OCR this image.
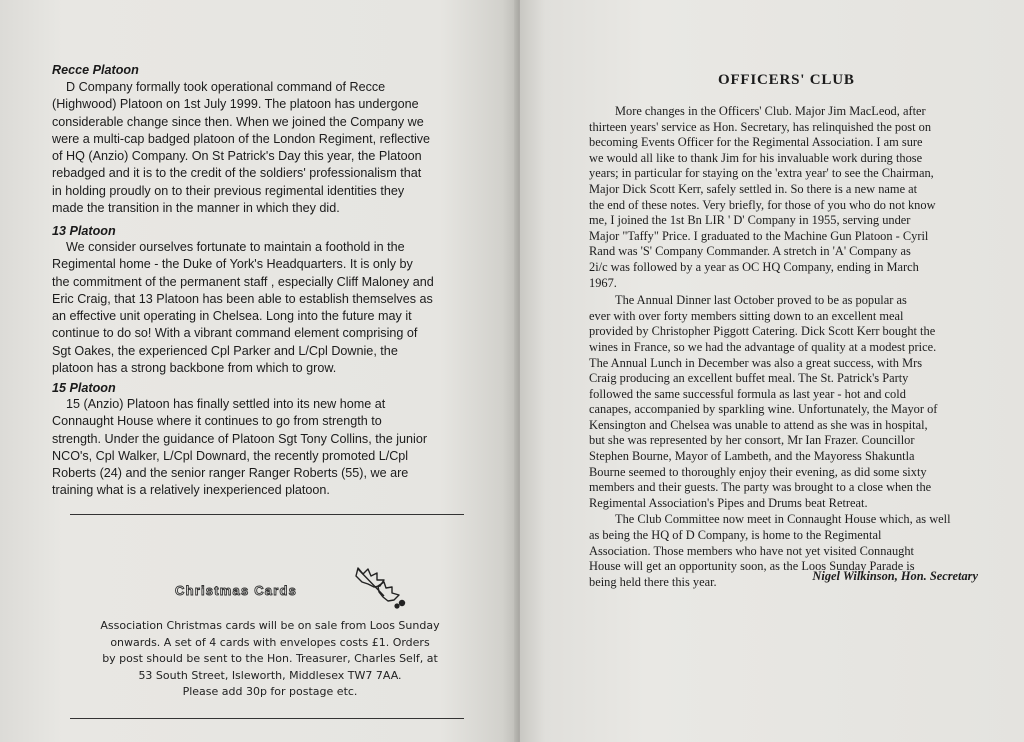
Recce Platoon
D Company formally took operational command of Recce
(Highwood) Platoon on 1st July 1999. The platoon has undergone
considerable change since then. When we joined the Company we
were a multi-cap badged platoon of the London Regiment, reflective
of HQ (Anzio) Company. On St Patrick's Day this year, the Platoon
rebadged and it is to the credit of the soldiers' professionalism that
in holding proudly on to their previous regimental identities they
made the transition in the manner in which they did.
13 Platoon
We consider ourselves fortunate to maintain a foothold in the
Regimental home - the Duke of York's Headquarters. It is only by
the commitment of the permanent staff , especially Cliff Maloney and
Eric Craig, that 13 Platoon has been able to establish themselves as
an effective unit operating in Chelsea. Long into the future may it
continue to do so! With a vibrant command element comprising of
Sgt Oakes, the experienced Cpl Parker and L/Cpl Downie, the
platoon has a strong backbone from which to grow.
15 Platoon
15 (Anzio) Platoon has finally settled into its new home at
Connaught House where it continues to go from strength to
strength. Under the guidance of Platoon Sgt Tony Collins, the junior
NCO's, Cpl Walker, L/Cpl Downard, the recently promoted L/Cpl
Roberts (24) and the senior ranger Ranger Roberts (55), we are
training what is a relatively inexperienced platoon.
Christmas Cards
Association Christmas cards will be on sale from Loos Sunday
onwards. A set of 4 cards with envelopes costs £1. Orders
by post should be sent to the Hon. Treasurer, Charles Self, at
53 South Street, Isleworth, Middlesex TW7 7AA.

Please add 30p for postage etc.

OFFICERS' CLUB
More changes in the Officers' Club. Major Jim MacLeod, after
thirteen years' service as Hon. Secretary, has relinquished the post on
becoming Events Officer for the Regimental Association. I am sure
we would all like to thank Jim for his invaluable work during those
years; in particular for staying on the 'extra year' to see the Chairman,
Major Dick Scott Kerr, safely settled in. So there is a new name at
the end of these notes. Very briefly, for those of you who do not know
me, I joined the 1st Bn LIR ' D' Company in 1955, serving under
Major "Taffy" Price. I graduated to the Machine Gun Platoon - Cyril
Rand was 'S' Company Commander. A stretch in 'A' Company as
2i/c was followed by a year as OC HQ Company, ending in March
1967.
The Annual Dinner last October proved to be as popular as
ever with over forty members sitting down to an excellent meal
provided by Christopher Piggott Catering. Dick Scott Kerr bought the
wines in France, so we had the advantage of quality at a modest price.
The Annual Lunch in December was also a great success, with Mrs
Craig producing an excellent buffet meal. The St. Patrick's Party
followed the same successful formula as last year - hot and cold
canapes, accompanied by sparkling wine. Unfortunately, the Mayor of
Kensington and Chelsea was unable to attend as she was in hospital,
but she was represented by her consort, Mr Ian Frazer. Councillor
Stephen Bourne, Mayor of Lambeth, and the Mayoress Shakuntla
Bourne seemed to thoroughly enjoy their evening, as did some sixty
members and their guests. The party was brought to a close when the
Regimental Association's Pipes and Drums beat Retreat.
The Club Committee now meet in Connaught House which, as well
as being the HQ of D Company, is home to the Regimental
Association. Those members who have not yet visited Connaught
House will get an opportunity soon, as the Loos Sunday Parade is
being held there this year.	Nigel Wilkinson, Hon. Secretary
